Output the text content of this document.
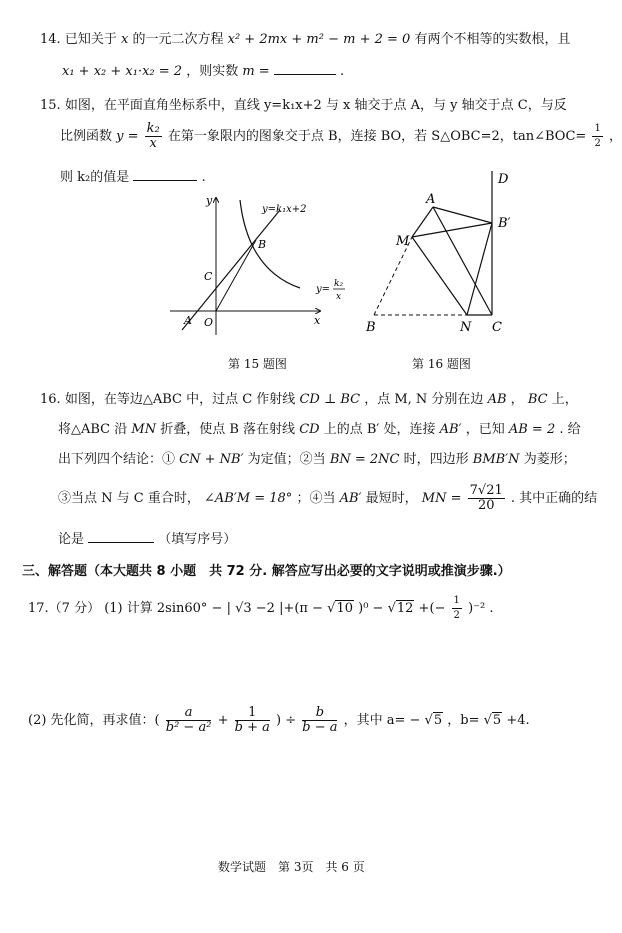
14. 已知关于 x 的一元二次方程 x² + 2mx + m² − m + 2 = 0 有两个不相等的实数根，且
x₁ + x₂ + x₁·x₂ = 2 ，则实数 m =	.
15. 如图，在平面直角坐标系中，直线 y=k₁x+2 与 x 轴交于点 A，与 y 轴交于点 C，与反
比例函数 $y = \frac{\text{k₂}}{x}$ 在第一象限内的图象交于点 B，连接 BO，若 S△OBC=2，tan∠BOC= $\frac{1}{2}$ ，
则 k₂的值是	.
y
x
y=k₁x+2
y= k₂
x
A O
C
B
第 15 题图
D
A
B′
M
B	N C
第 16 题图
16. 如图，在等边△ABC 中，过点 C 作射线 CD ⊥ BC ，点 M, N 分别在边 AB ， BC 上，
将△ABC 沿 MN 折叠，使点 B 落在射线 CD 上的点 B′ 处，连接 AB′ ，已知 AB = 2 . 给
出下列四个结论：① CN + NB′ 为定值；②当 BN = 2NC 时，四边形 BMB′N 为菱形；
③当点 N 与 C 重合时， ∠AB′M = 18° ；④当 AB′ 最短时， MN = $\frac{7√21}{20}$ . 其中正确的结
论是	（填写序号）
三、解答题（本大题共 8 小题　共 72 分. 解答应写出必要的文字说明或推演步骤.）
17.（7 分） (1) 计算 2sin60° − | √3 −2 |+(π − √10 )⁰ − √12 +(− $\frac{1}{2} )^{-2}$ .
(2) 先化简，再求值：( $\frac{a}{\text{b² − a²}} + \frac{1}{b + a}$ ) ÷ $\frac{b}{b - a}$ ，其中 a= − √5 ，b= √5 +4.
数学试题　第 3页　共 6 页
